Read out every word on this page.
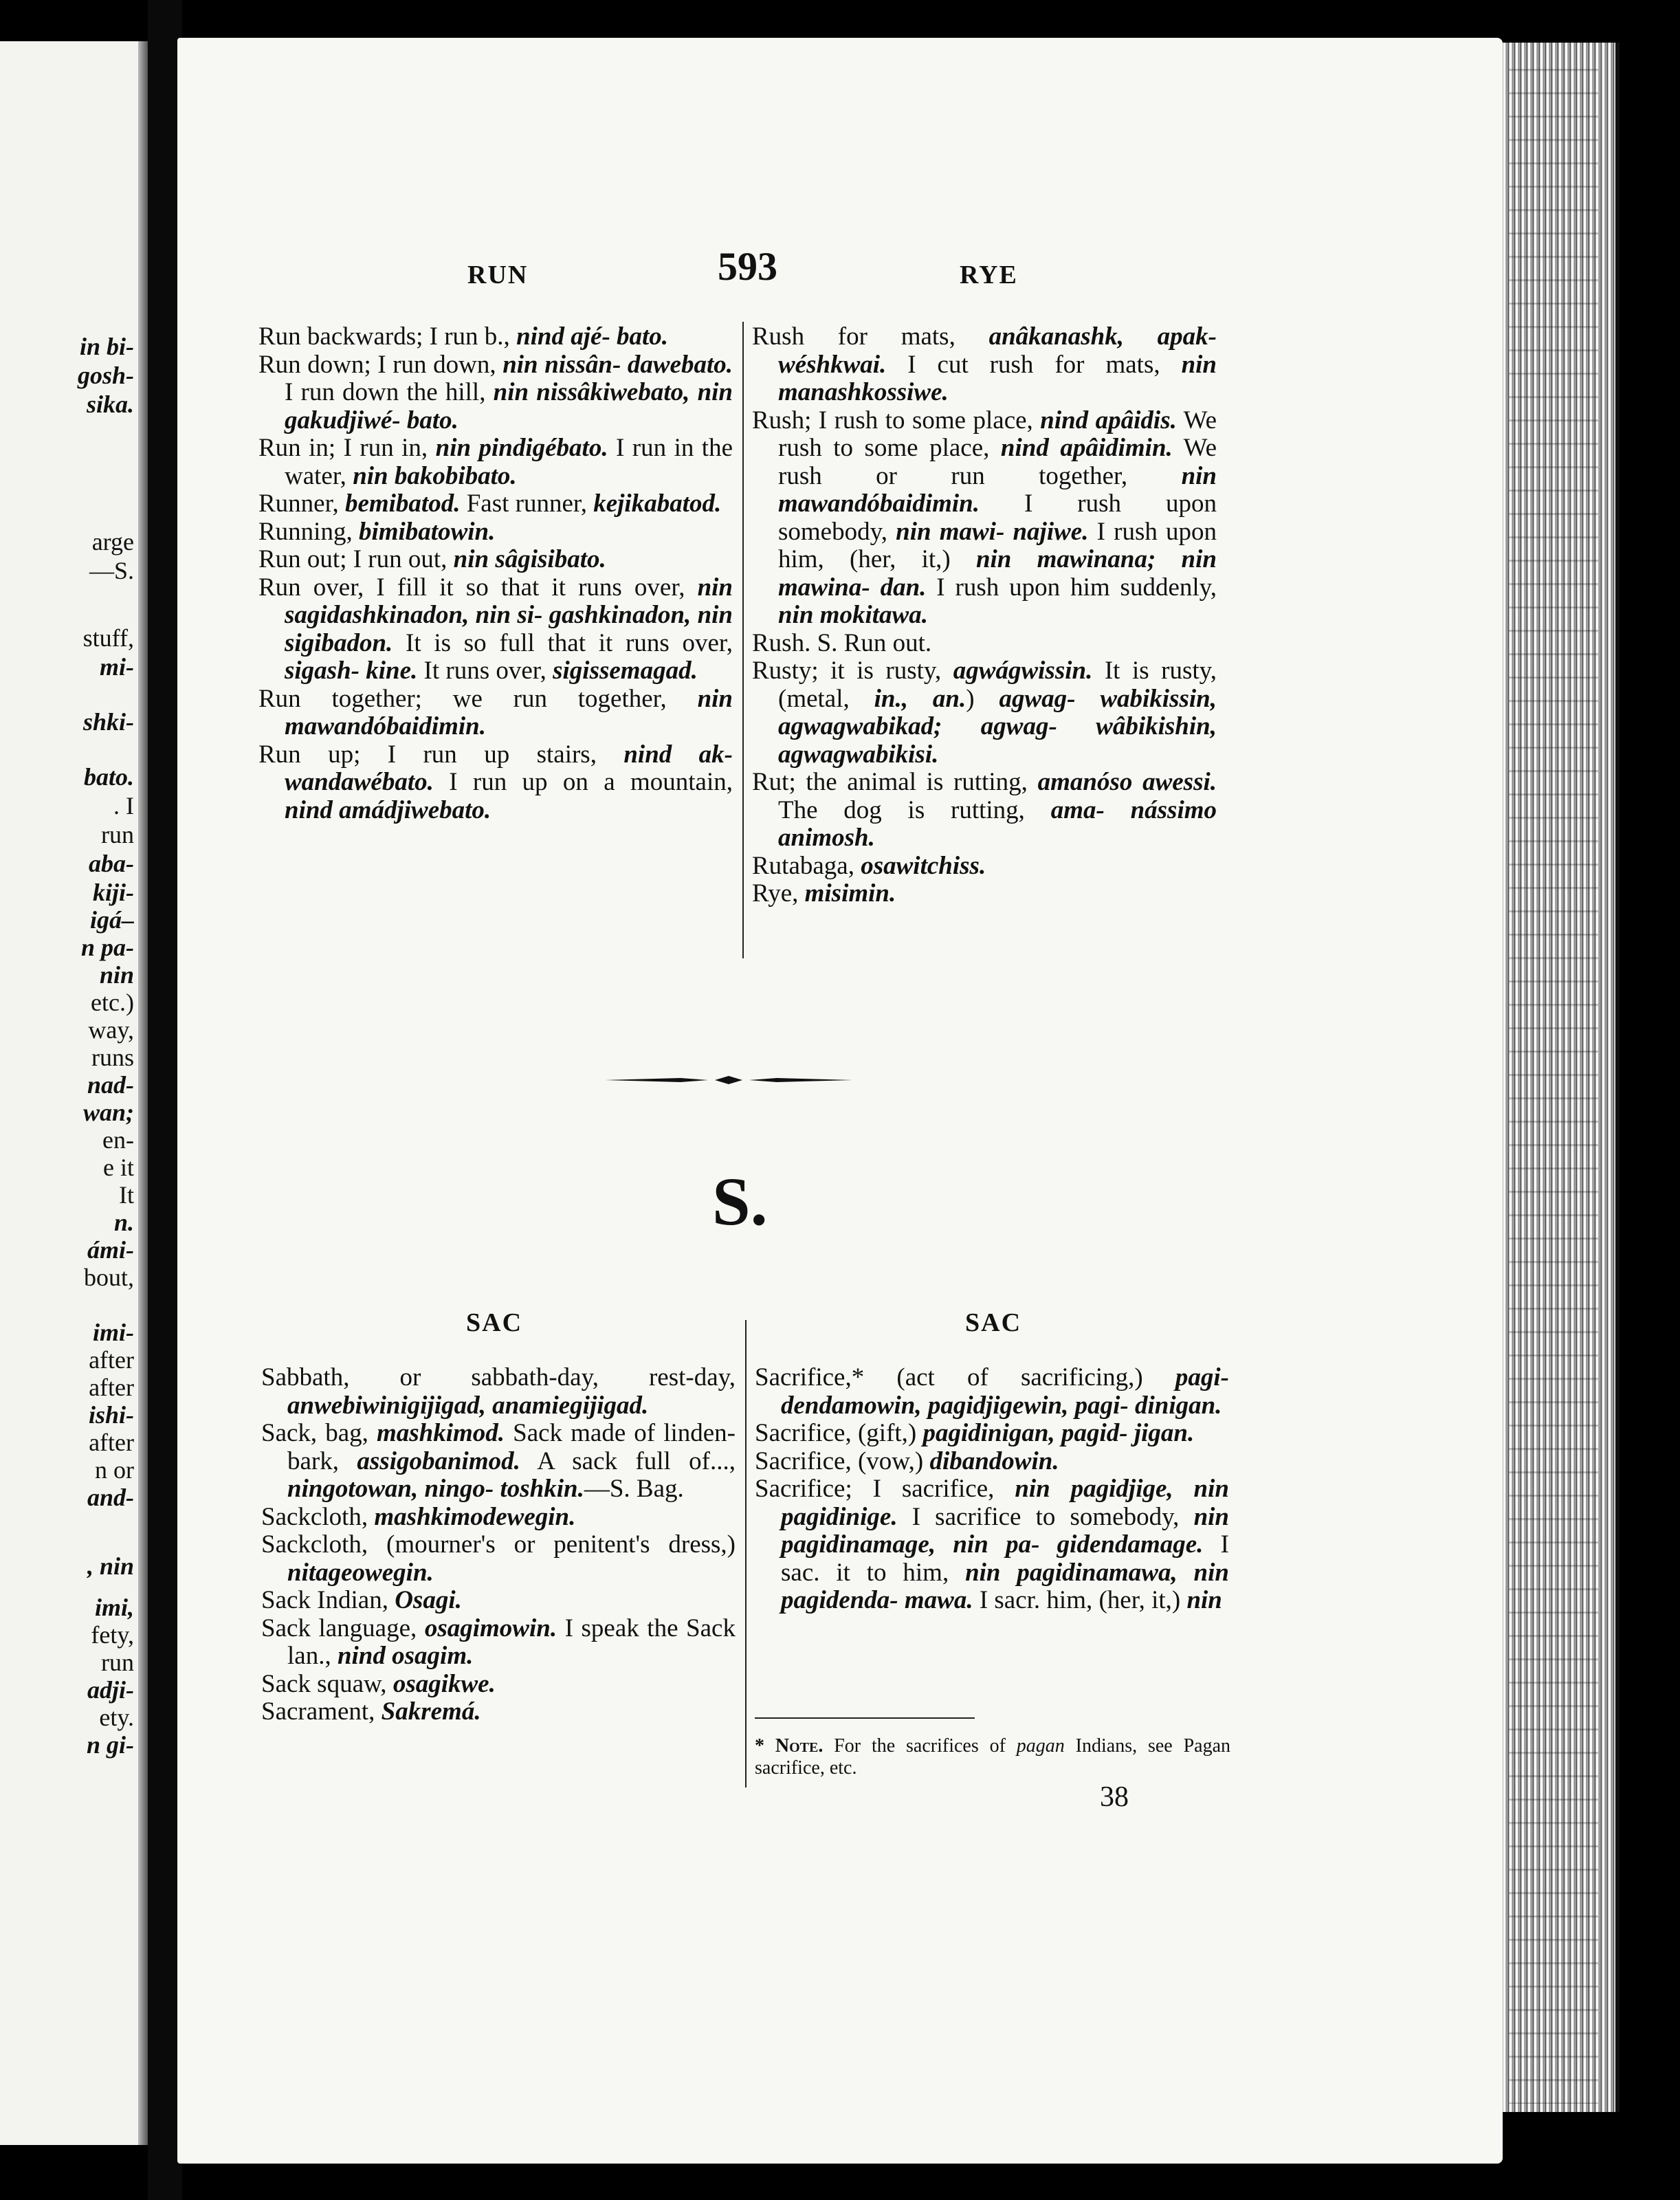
in bi-
gosh-
sika.
arge
—S.
stuff,
mi-
shki-
bato.
. I
run
aba-
kiji-
igá–
n pa-
nin
etc.)
way,
runs
nad-
wan;
en-
e it
It
n.
ámi-
bout,
imi-
after
after
ishi-
after
n or
and-
, nin
imi,
fety,
run
adji-
ety.
n gi-
RUN	593	RYE

Run backwards; I run b., nind ajé- bato.

Run down; I run down, nin nissân- dawebato. I run down the hill, nin nissâkiwebato, nin gakudjiwé- bato.

Run in; I run in, nin pindigébato. I run in the water, nin bakobibato.

Runner, bemibatod. Fast runner, kejikabatod.

Running, bimibatowin.

Run out; I run out, nin sâgisibato.

Run over, I fill it so that it runs over, nin sagidashkinadon, nin si- gashkinadon, nin sigibadon. It is so full that it runs over, sigash- kine. It runs over, sigissemagad.

Run together; we run together, nin mawandóbaidimin.

Run up; I run up stairs, nind ak- wandawébato. I run up on a mountain, nind amádjiwebato.

Rush for mats, anâkanashk, apak- wéshkwai. I cut rush for mats, nin manashkossiwe.

Rush; I rush to some place, nind apâidis. We rush to some place, nind apâidimin. We rush or run together, nin mawandóbaidimin. I rush upon somebody, nin mawi- najiwe. I rush upon him, (her, it,) nin mawinana; nin mawina- dan. I rush upon him suddenly, nin mokitawa.

Rush. S. Run out.

Rusty; it is rusty, agwágwissin. It is rusty, (metal, in., an.) agwag- wabikissin, agwagwabikad; agwag- wâbikishin, agwagwabikisi.

Rut; the animal is rutting, amanóso awessi. The dog is rutting, ama- nássimo animosh.

Rutabaga, osawitchiss.

Rye, misimin.

S.
SAC	SAC

Sabbath, or sabbath-day, rest-day, anwebiwinigijigad, anamiegijigad.

Sack, bag, mashkimod. Sack made of linden-bark, assigobanimod. A sack full of..., ningotowan, ningo- toshkin.—S. Bag.

Sackcloth, mashkimodewegin.

Sackcloth, (mourner's or penitent's dress,) nitageowegin.

Sack Indian, Osagi.

Sack language, osagimowin. I speak the Sack lan., nind osagim.

Sack squaw, osagikwe.

Sacrament, Sakremá.

Sacrifice,* (act of sacrificing,) pagi- dendamowin, pagidjigewin, pagi- dinigan.

Sacrifice, (gift,) pagidinigan, pagid- jigan.

Sacrifice, (vow,) dibandowin.

Sacrifice; I sacrifice, nin pagidjige, nin pagidinige. I sacrifice to somebody, nin pagidinamage, nin pa- gidendamage. I sac. it to him, nin pagidinamawa, nin pagidenda- mawa. I sacr. him, (her, it,) nin

* Note. For the sacrifices of pagan Indians, see Pagan sacrifice, etc.
38
